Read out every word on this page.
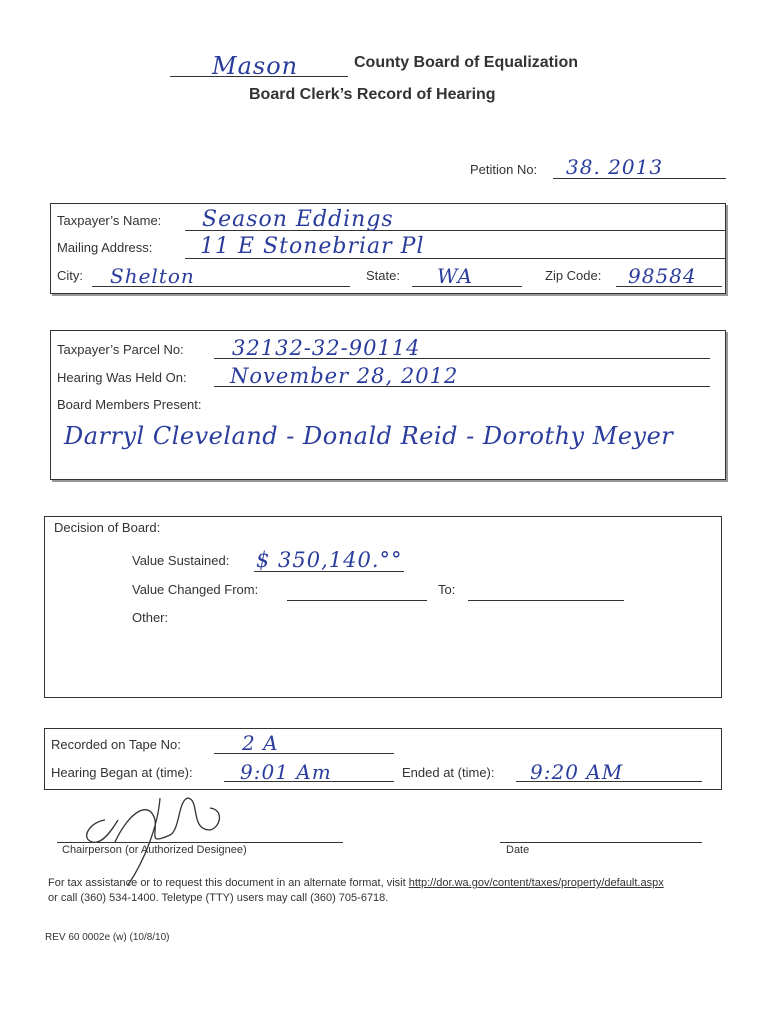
Mason	County Board of Equalization
Board Clerk’s Record of Hearing
Petition No: 38. 2013
Taxpayer’s Name: Season Eddings
Mailing Address: 11 E Stonebriar Pl
City: Shelton	State: WA	Zip Code: 98584
Taxpayer’s Parcel No: 32132-32-90114
Hearing Was Held On: November 28, 2012
Board Members Present:
Darryl Cleveland - Donald Reid - Dorothy Meyer
Decision of Board:
Value Sustained: $ 350,140.°°
Value Changed From:	To:
Other:
Recorded on Tape No:	2 A
Hearing Began at (time): 9:01 Am	Ended at (time): 9:20 AM
Chairperson (or Authorized Designee)	Date
For tax assistance or to request this document in an alternate format, visit http://dor.wa.gov/content/taxes/property/default.aspx
or call (360) 534-1400. Teletype (TTY) users may call (360) 705-6718.
REV 60 0002e (w) (10/8/10)
